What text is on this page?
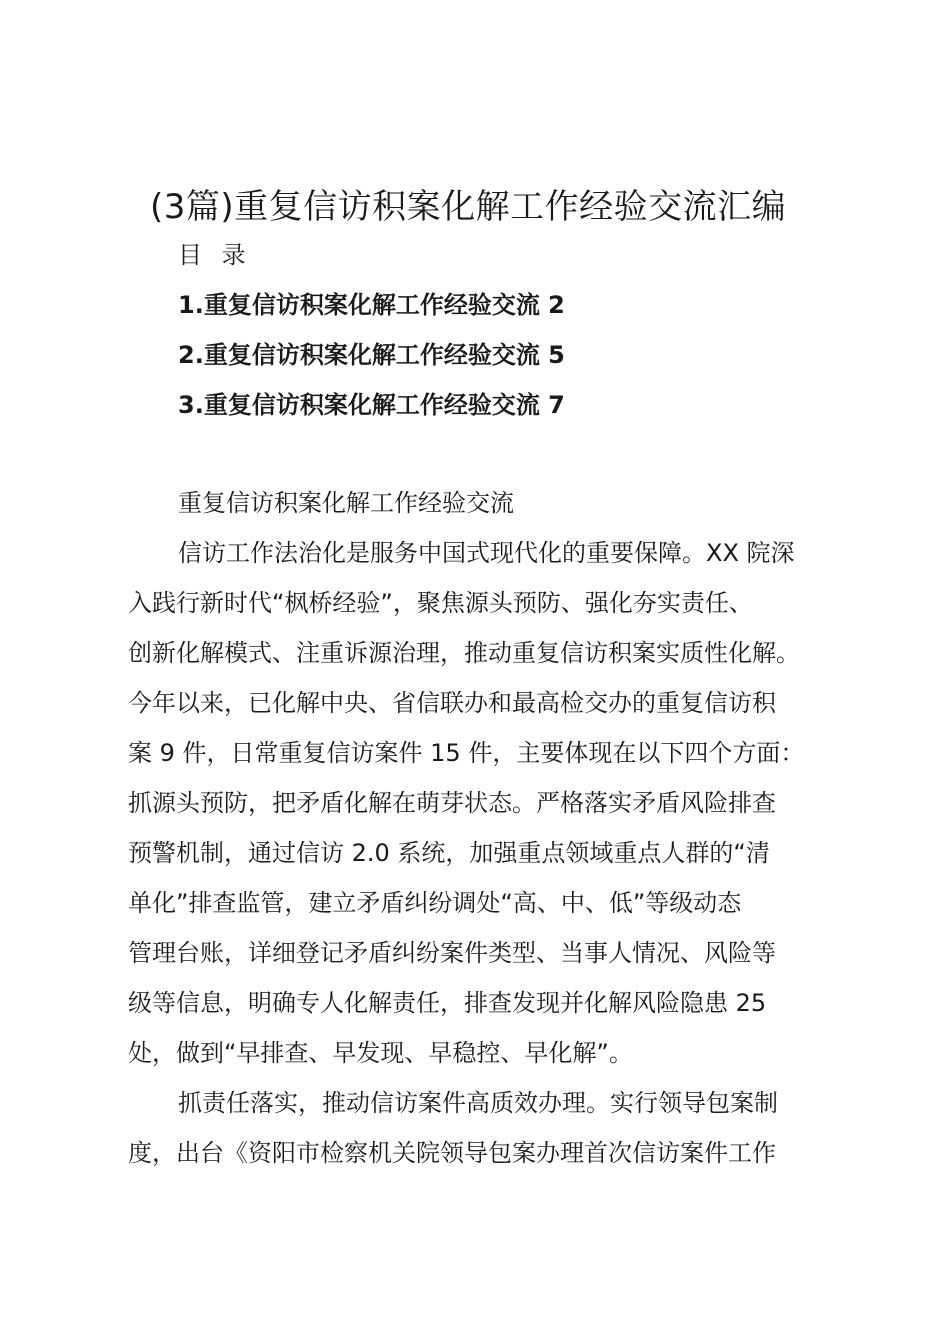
(3篇)重复信访积案化解工作经验交流汇编
目 录
1.重复信访积案化解工作经验交流 2
2.重复信访积案化解工作经验交流 5
3.重复信访积案化解工作经验交流 7
重复信访积案化解工作经验交流
信访工作法治化是服务中国式现代化的重要保障。XX 院深
入践行新时代“枫桥经验”，聚焦源头预防、强化夯实责任、
创新化解模式、注重诉源治理，推动重复信访积案实质性化解。
今年以来，已化解中央、省信联办和最高检交办的重复信访积
案 9 件，日常重复信访案件 15 件，主要体现在以下四个方面：
抓源头预防，把矛盾化解在萌芽状态。严格落实矛盾风险排查
预警机制，通过信访 2.0 系统，加强重点领域重点人群的“清
单化”排查监管，建立矛盾纠纷调处“高、中、低”等级动态
管理台账，详细登记矛盾纠纷案件类型、当事人情况、风险等
级等信息，明确专人化解责任，排查发现并化解风险隐患 25
处，做到“早排查、早发现、早稳控、早化解”。
抓责任落实，推动信访案件高质效办理。实行领导包案制
度，出台《资阳市检察机关院领导包案办理首次信访案件工作
